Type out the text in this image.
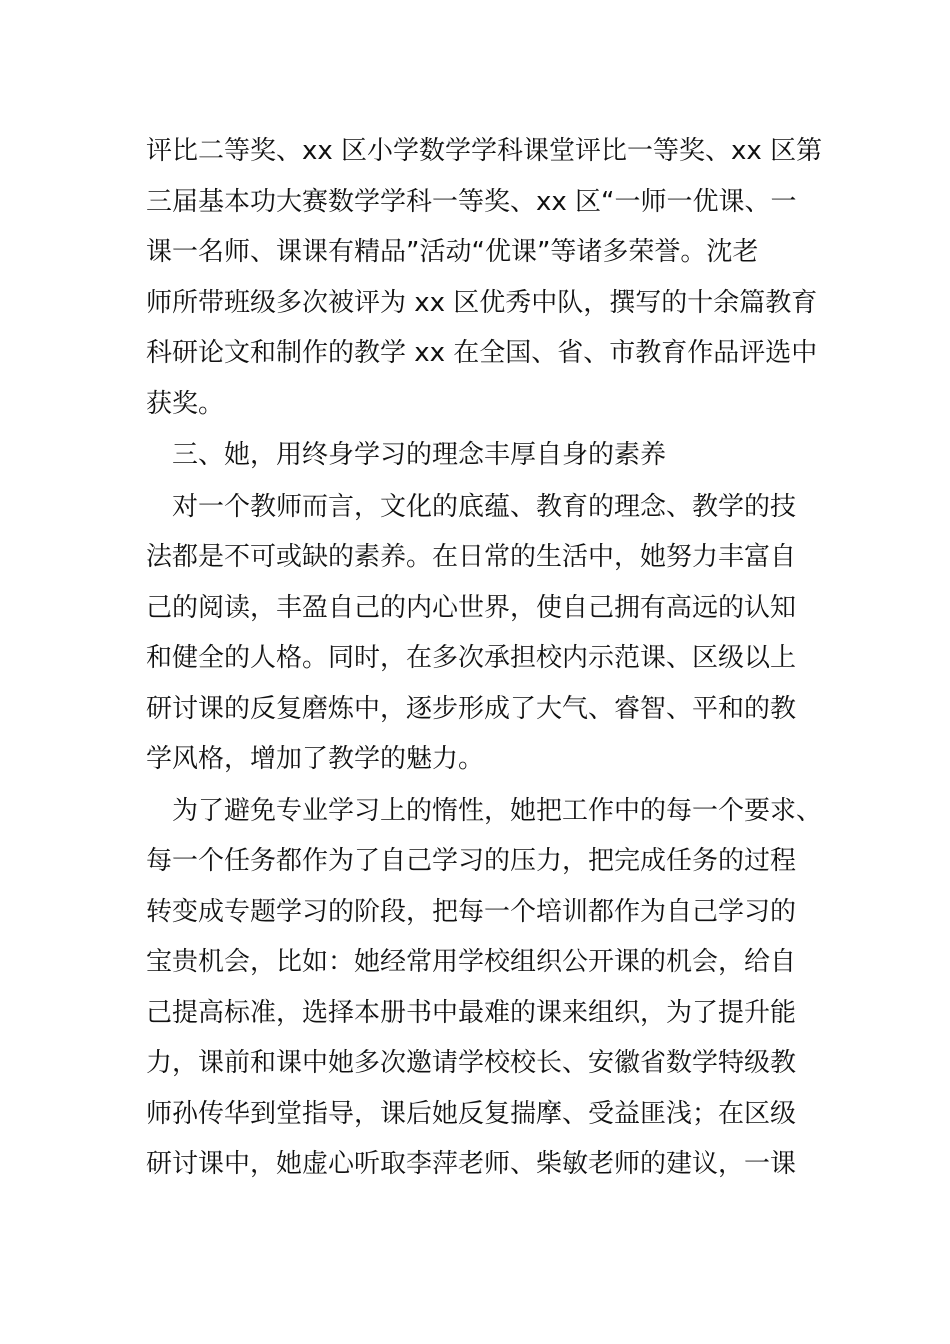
评比二等奖、xx 区小学数学学科课堂评比一等奖、xx 区第
三届基本功大赛数学学科一等奖、xx 区“一师一优课、一
课一名师、课课有精品”活动“优课”等诸多荣誉。沈老
师所带班级多次被评为 xx 区优秀中队，撰写的十余篇教育
科研论文和制作的教学 xx 在全国、省、市教育作品评选中
获奖。
　三、她，用终身学习的理念丰厚自身的素养
　对一个教师而言，文化的底蕴、教育的理念、教学的技
法都是不可或缺的素养。在日常的生活中，她努力丰富自
己的阅读，丰盈自己的内心世界，使自己拥有高远的认知
和健全的人格。同时，在多次承担校内示范课、区级以上
研讨课的反复磨炼中，逐步形成了大气、睿智、平和的教
学风格，增加了教学的魅力。
　为了避免专业学习上的惰性，她把工作中的每一个要求、
每一个任务都作为了自己学习的压力，把完成任务的过程
转变成专题学习的阶段，把每一个培训都作为自己学习的
宝贵机会，比如：她经常用学校组织公开课的机会，给自
己提高标准，选择本册书中最难的课来组织，为了提升能
力，课前和课中她多次邀请学校校长、安徽省数学特级教
师孙传华到堂指导，课后她反复揣摩、受益匪浅；在区级
研讨课中，她虚心听取李萍老师、柴敏老师的建议，一课
